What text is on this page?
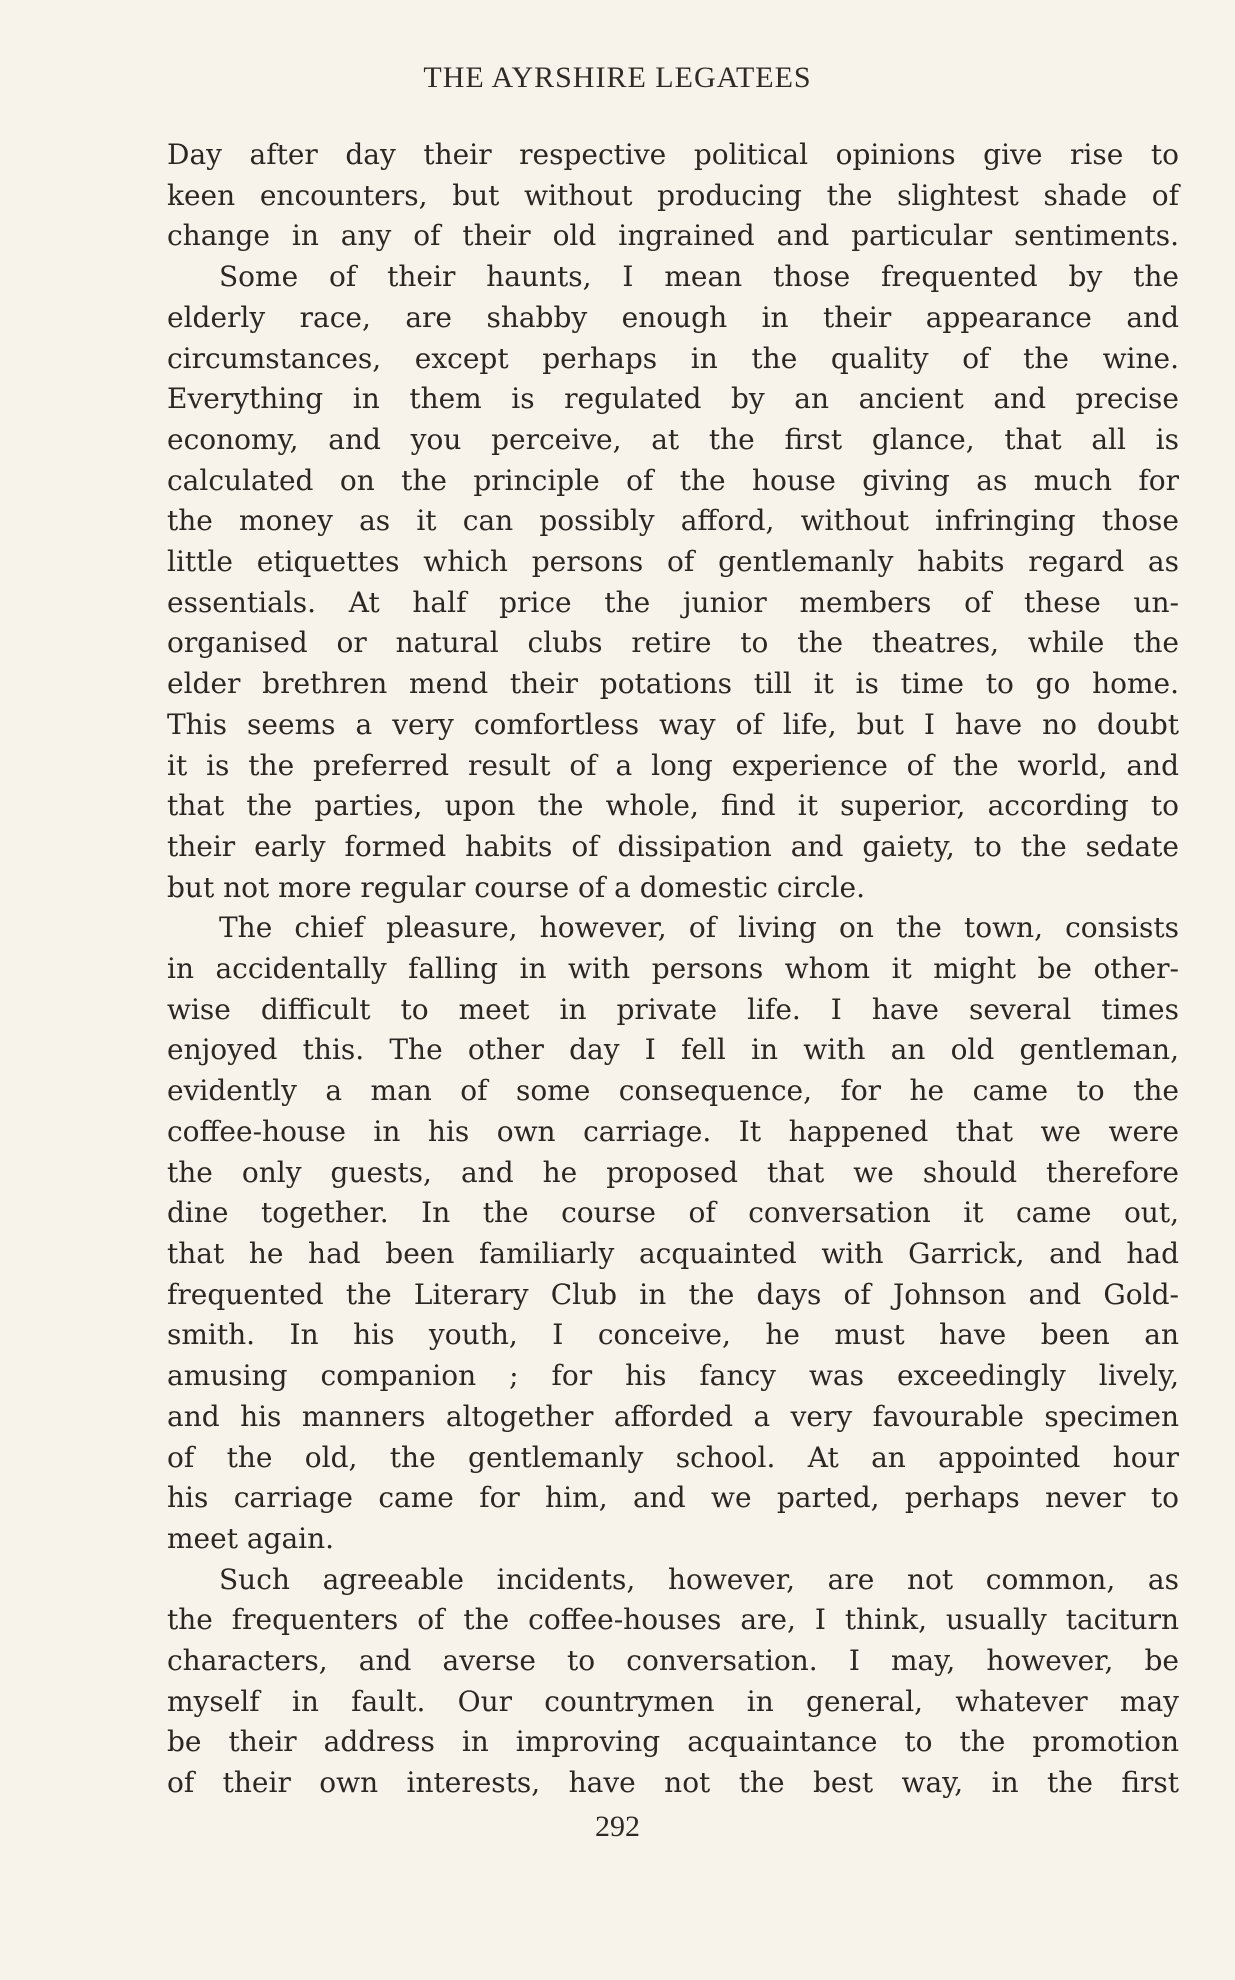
THE AYRSHIRE LEGATEES

Day after day their respective political opinions give rise to

keen encounters, but without producing the slightest shade of

change in any of their old ingrained and particular sentiments.

Some of their haunts, I mean those frequented by the

elderly race, are shabby enough in their appearance and

circumstances, except perhaps in the quality of the wine.

Everything in them is regulated by an ancient and precise

economy, and you perceive, at the first glance, that all is

calculated on the principle of the house giving as much for

the money as it can possibly afford, without infringing those

little etiquettes which persons of gentlemanly habits regard as

essentials. At half price the junior members of these un-

organised or natural clubs retire to the theatres, while the

elder brethren mend their potations till it is time to go home.

This seems a very comfortless way of life, but I have no doubt

it is the preferred result of a long experience of the world, and

that the parties, upon the whole, find it superior, according to

their early formed habits of dissipation and gaiety, to the sedate

but not more regular course of a domestic circle.

The chief pleasure, however, of living on the town, consists

in accidentally falling in with persons whom it might be other-

wise difficult to meet in private life. I have several times

enjoyed this. The other day I fell in with an old gentleman,

evidently a man of some consequence, for he came to the

coffee-house in his own carriage. It happened that we were

the only guests, and he proposed that we should therefore

dine together. In the course of conversation it came out,

that he had been familiarly acquainted with Garrick, and had

frequented the Literary Club in the days of Johnson and Gold-

smith. In his youth, I conceive, he must have been an

amusing companion ; for his fancy was exceedingly lively,

and his manners altogether afforded a very favourable specimen

of the old, the gentlemanly school. At an appointed hour

his carriage came for him, and we parted, perhaps never to

meet again.

Such agreeable incidents, however, are not common, as

the frequenters of the coffee-houses are, I think, usually taciturn

characters, and averse to conversation. I may, however, be

myself in fault. Our countrymen in general, whatever may

be their address in improving acquaintance to the promotion

of their own interests, have not the best way, in the first

292
